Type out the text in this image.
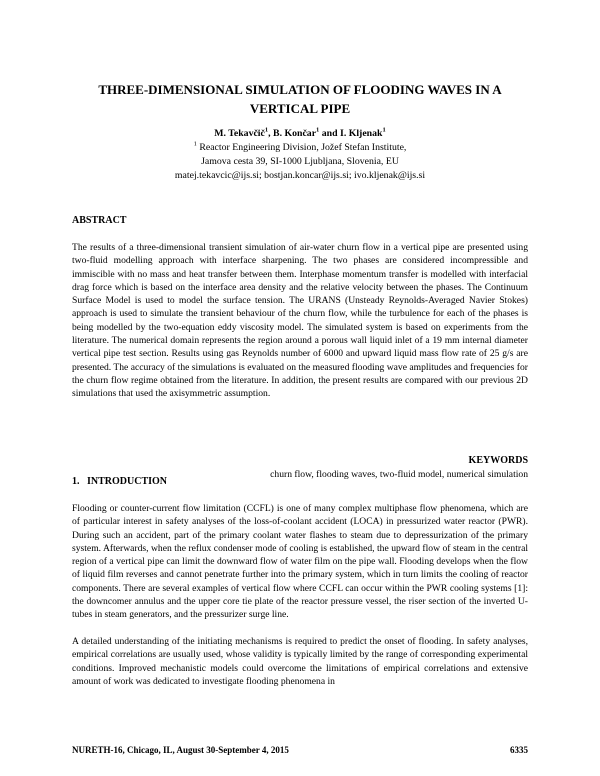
THREE-DIMENSIONAL SIMULATION OF FLOODING WAVES IN A VERTICAL PIPE
M. Tekavčič$^1$, B. Končar$^1$ and I. Kljenak$^1$
$^1$ Reactor Engineering Division, Jožef Stefan Institute,
Jamova cesta 39, SI-1000 Ljubljana, Slovenia, EU
matej.tekavcic@ijs.si; bostjan.koncar@ijs.si; ivo.kljenak@ijs.si
ABSTRACT
The results of a three-dimensional transient simulation of air-water churn flow in a vertical pipe are presented using two-fluid modelling approach with interface sharpening. The two phases are considered incompressible and immiscible with no mass and heat transfer between them. Interphase momentum transfer is modelled with interfacial drag force which is based on the interface area density and the relative velocity between the phases. The Continuum Surface Model is used to model the surface tension. The URANS (Unsteady Reynolds-Averaged Navier Stokes) approach is used to simulate the transient behaviour of the churn flow, while the turbulence for each of the phases is being modelled by the two-equation eddy viscosity model. The simulated system is based on experiments from the literature. The numerical domain represents the region around a porous wall liquid inlet of a 19 mm internal diameter vertical pipe test section. Results using gas Reynolds number of 6000 and upward liquid mass flow rate of 25 g/s are presented. The accuracy of the simulations is evaluated on the measured flooding wave amplitudes and frequencies for the churn flow regime obtained from the literature. In addition, the present results are compared with our previous 2D simulations that used the axisymmetric assumption.
KEYWORDS
churn flow, flooding waves, two-fluid model, numerical simulation
1.   INTRODUCTION
Flooding or counter-current flow limitation (CCFL) is one of many complex multiphase flow phenomena, which are of particular interest in safety analyses of the loss-of-coolant accident (LOCA) in pressurized water reactor (PWR). During such an accident, part of the primary coolant water flashes to steam due to depressurization of the primary system. Afterwards, when the reflux condenser mode of cooling is established, the upward flow of steam in the central region of a vertical pipe can limit the downward flow of water film on the pipe wall. Flooding develops when the flow of liquid film reverses and cannot penetrate further into the primary system, which in turn limits the cooling of reactor components. There are several examples of vertical flow where CCFL can occur within the PWR cooling systems [1]: the downcomer annulus and the upper core tie plate of the reactor pressure vessel, the riser section of the inverted U-tubes in steam generators, and the pressurizer surge line.
A detailed understanding of the initiating mechanisms is required to predict the onset of flooding. In safety analyses, empirical correlations are usually used, whose validity is typically limited by the range of corresponding experimental conditions. Improved mechanistic models could overcome the limitations of empirical correlations and extensive amount of work was dedicated to investigate flooding phenomena in
NURETH-16, Chicago, IL, August 30-September 4, 2015	6335
